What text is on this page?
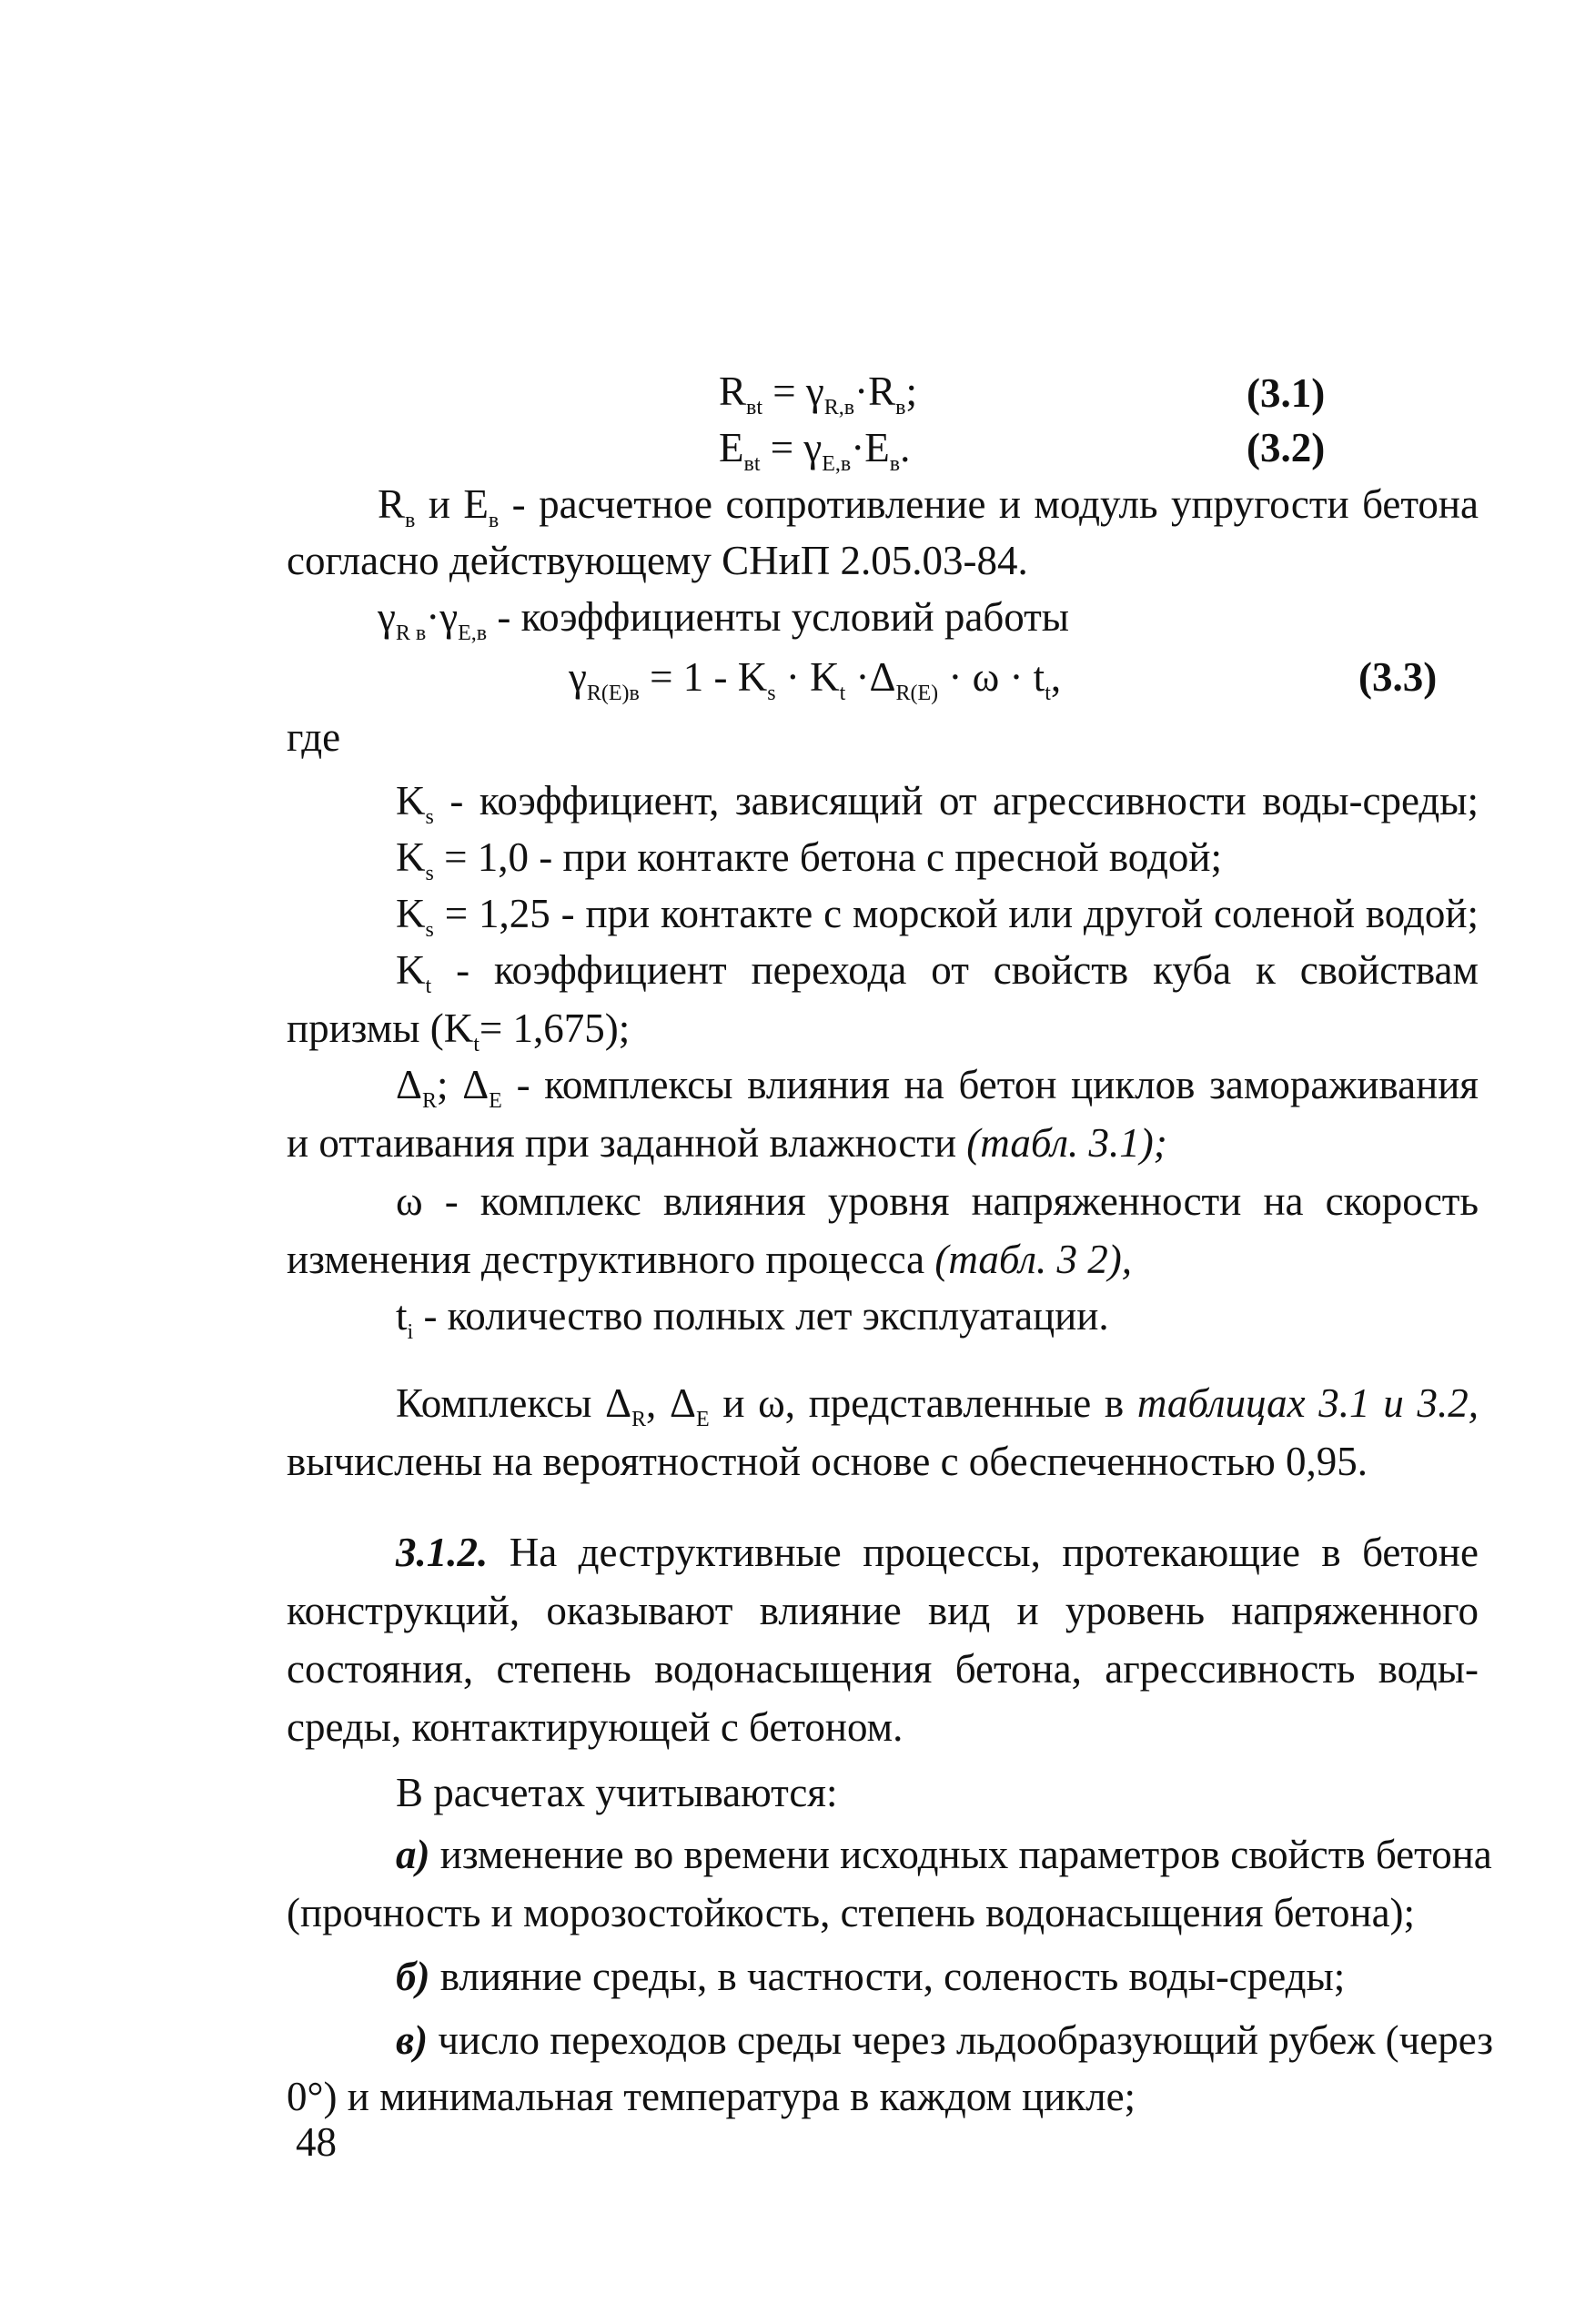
$R_{вt} = \gamma_{R,в}\cdot R_в$;	(3.1)
$E_{вt} = \gamma_{E,в}\cdot E_в$.	(3.2)
$R_в$ и $E_в$ - расчетное сопротивление и модуль упругости бетона
согласно действующему СНиП 2.05.03-84.
$\gamma_{R в}\cdot\gamma_{E,в}$ - коэффициенты условий работы
$\gamma_{R(E)в} = 1 - K_s \cdot K_t \cdot\Delta_{R(E)} \cdot \omega \cdot t_t$,	(3.3)
где
$K_s$ - коэффициент, зависящий от агрессивности воды-среды;
$K_s = 1,0$ - при контакте бетона с пресной водой;
$K_s = 1,25$ - при контакте с морской или другой соленой водой;
$K_t$ - коэффициент перехода от свойств куба к свойствам
призмы $(K_t= 1,675)$;
$\Delta_R$; $\Delta_E$ - комплексы влияния на бетон циклов замораживания
и оттаивания при заданной влажности (табл. 3.1);
ω - комплекс влияния уровня напряженности на скорость
изменения деструктивного процесса (табл. 3 2),
$t_i$ - количество полных лет эксплуатации.
Комплексы $\Delta_R$, $\Delta_E$ и ω, представленные в таблицах 3.1 и 3.2,
вычислены на вероятностной основе с обеспеченностью 0,95.
3.1.2. На деструктивные процессы, протекающие в бетоне
конструкций, оказывают влияние вид и уровень напряженного
состояния, степень водонасыщения бетона, агрессивность воды-
среды, контактирующей с бетоном.
В расчетах учитываются:
а) изменение во времени исходных параметров свойств бетона
(прочность и морозостойкость, степень водонасыщения бетона);
б) влияние среды, в частности, соленость воды-среды;
в) число переходов среды через льдообразующий рубеж (через
0°) и минимальная температура в каждом цикле;
48
